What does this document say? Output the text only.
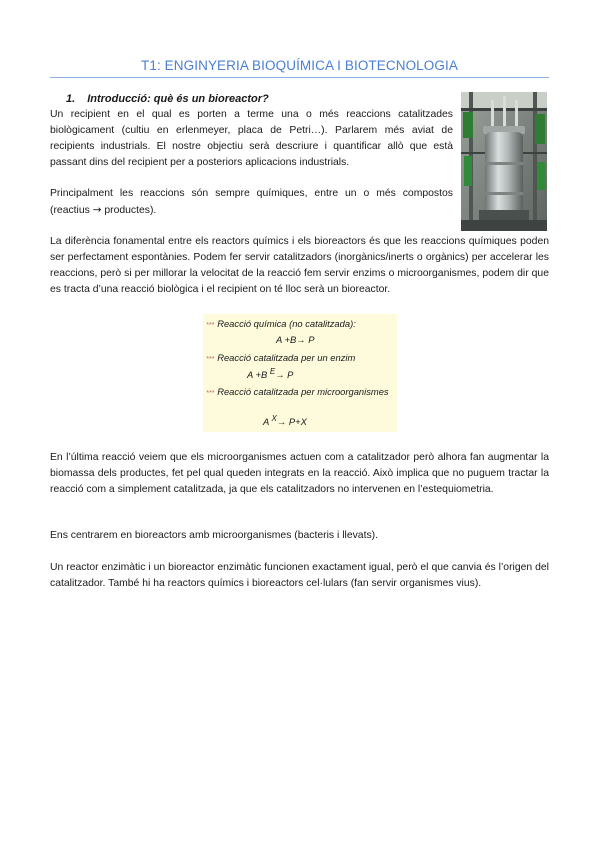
T1: ENGINYERIA BIOQUÍMICA I BIOTECNOLOGIA
1. Introducció: què és un bioreactor?

Un recipient en el qual es porten a terme una o més reaccions catalitzades biològicament (cultiu en erlenmeyer, placa de Petri…). Parlarem més aviat de recipients industrials. El nostre objectiu serà descriure i quantificar allò que està passant dins del recipient per a posteriors aplicacions industrials.

Principalment les reaccions són sempre químiques, entre un o més compostos (reactius → productes).

La diferència fonamental entre els reactors químics i els bioreactors és que les reaccions químiques poden ser perfectament espontànies. Podem fer servir catalitzadors (inorgànics/inerts o orgànics) per accelerar les reaccions, però si per millorar la velocitat de la reacció fem servir enzims o microorganismes, podem dir que es tracta d’una reacció biològica i el recipient on té lloc serà un bioreactor.

*** Reacció química (no catalitzada):
A +B→ P
*** Reacció catalitzada per un enzim
A +B E→ P
*** Reacció catalitzada per microorganismes
A X→ P+X

En l’última reacció veiem que els microorganismes actuen com a catalitzador però alhora fan augmentar la biomassa dels productes, fet pel qual queden integrats en la reacció. Això implica que no puguem tractar la reacció com a simplement catalitzada, ja que els catalitzadors no intervenen en l’estequiometria.

Ens centrarem en bioreactors amb microorganismes (bacteris i llevats).

Un reactor enzimàtic i un bioreactor enzimàtic funcionen exactament igual, però el que canvia és l’origen del catalitzador. També hi ha reactors químics i bioreactors cel·lulars (fan servir organismes vius).
